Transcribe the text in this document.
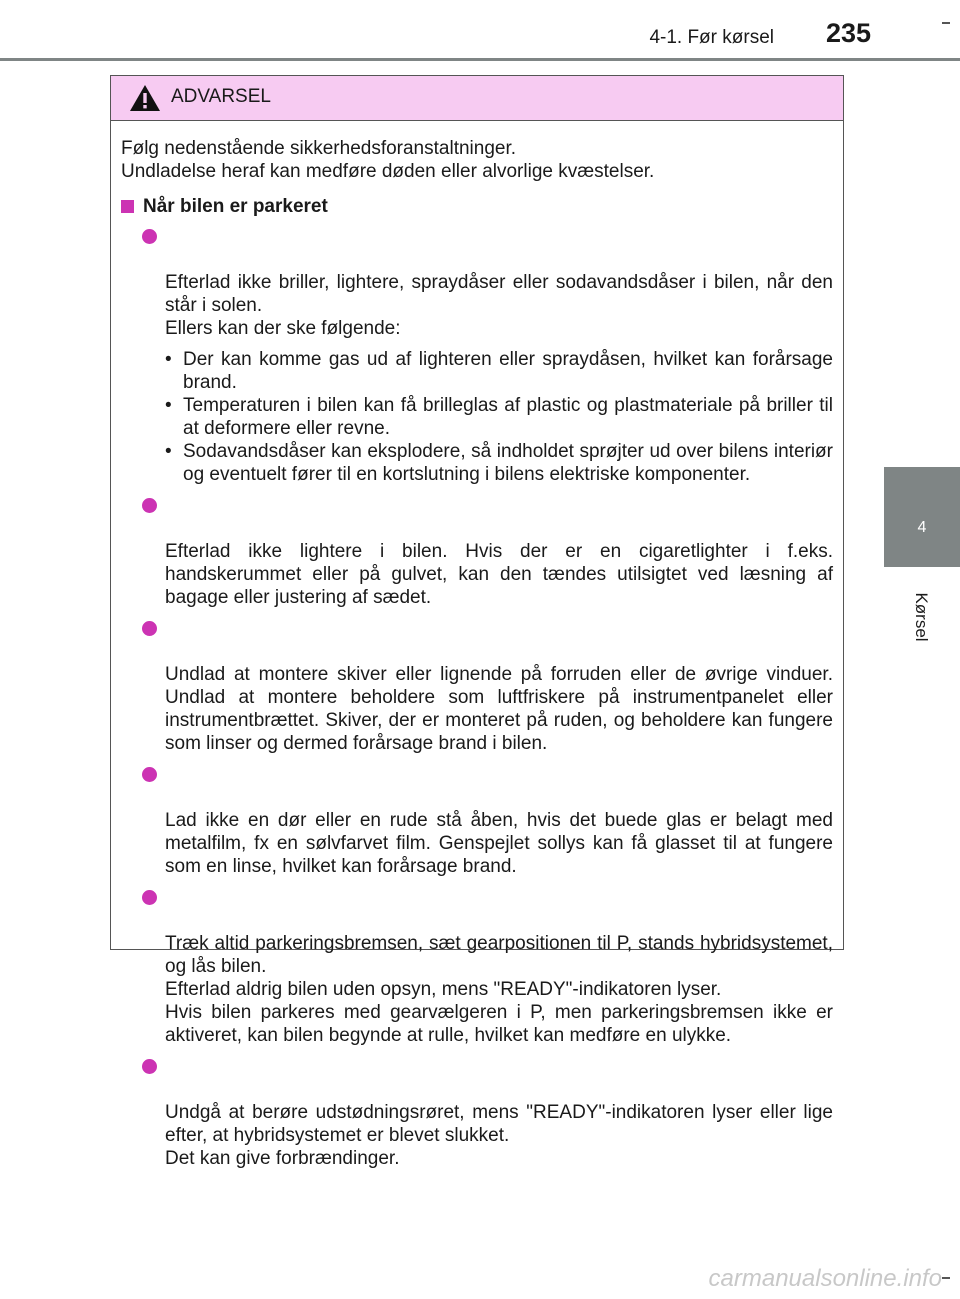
4-1. Før kørsel 235
4
Kørsel
ADVARSEL

Følg nedenstående sikkerhedsforanstaltninger.
Undladelse heraf kan medføre døden eller alvorlige kvæstelser.

Når bilen er parkeret

Efterlad ikke briller, lightere, spraydåser eller sodavandsdåser i bilen, når den står i solen.
Ellers kan der ske følgende:

• Der kan komme gas ud af lighteren eller spraydåsen, hvilket kan forårsage brand.
• Temperaturen i bilen kan få brilleglas af plastic og plastmateriale på briller til at deformere eller revne.
• Sodavandsdåser kan eksplodere, så indholdet sprøjter ud over bilens interiør og eventuelt fører til en kortslutning i bilens elektriske komponenter.

Efterlad ikke lightere i bilen. Hvis der er en cigaretlighter i f.eks. handskerummet eller på gulvet, kan den tændes utilsigtet ved læsning af bagage eller justering af sædet.

Undlad at montere skiver eller lignende på forruden eller de øvrige vinduer. Undlad at montere beholdere som luftfriskere på instrumentpanelet eller instrumentbrættet. Skiver, der er monteret på ruden, og beholdere kan fungere som linser og dermed forårsage brand i bilen.

Lad ikke en dør eller en rude stå åben, hvis det buede glas er belagt med metalfilm, fx en sølvfarvet film. Genspejlet sollys kan få glasset til at fungere som en linse, hvilket kan forårsage brand.

Træk altid parkeringsbremsen, sæt gearpositionen til P, stands hybridsystemet, og lås bilen.
Efterlad aldrig bilen uden opsyn, mens "READY"-indikatoren lyser.
Hvis bilen parkeres med gearvælgeren i P, men parkeringsbremsen ikke er aktiveret, kan bilen begynde at rulle, hvilket kan medføre en ulykke.

Undgå at berøre udstødningsrøret, mens "READY"-indikatoren lyser eller lige efter, at hybridsystemet er blevet slukket.
Det kan give forbrændinger.

carmanualsonline.info
